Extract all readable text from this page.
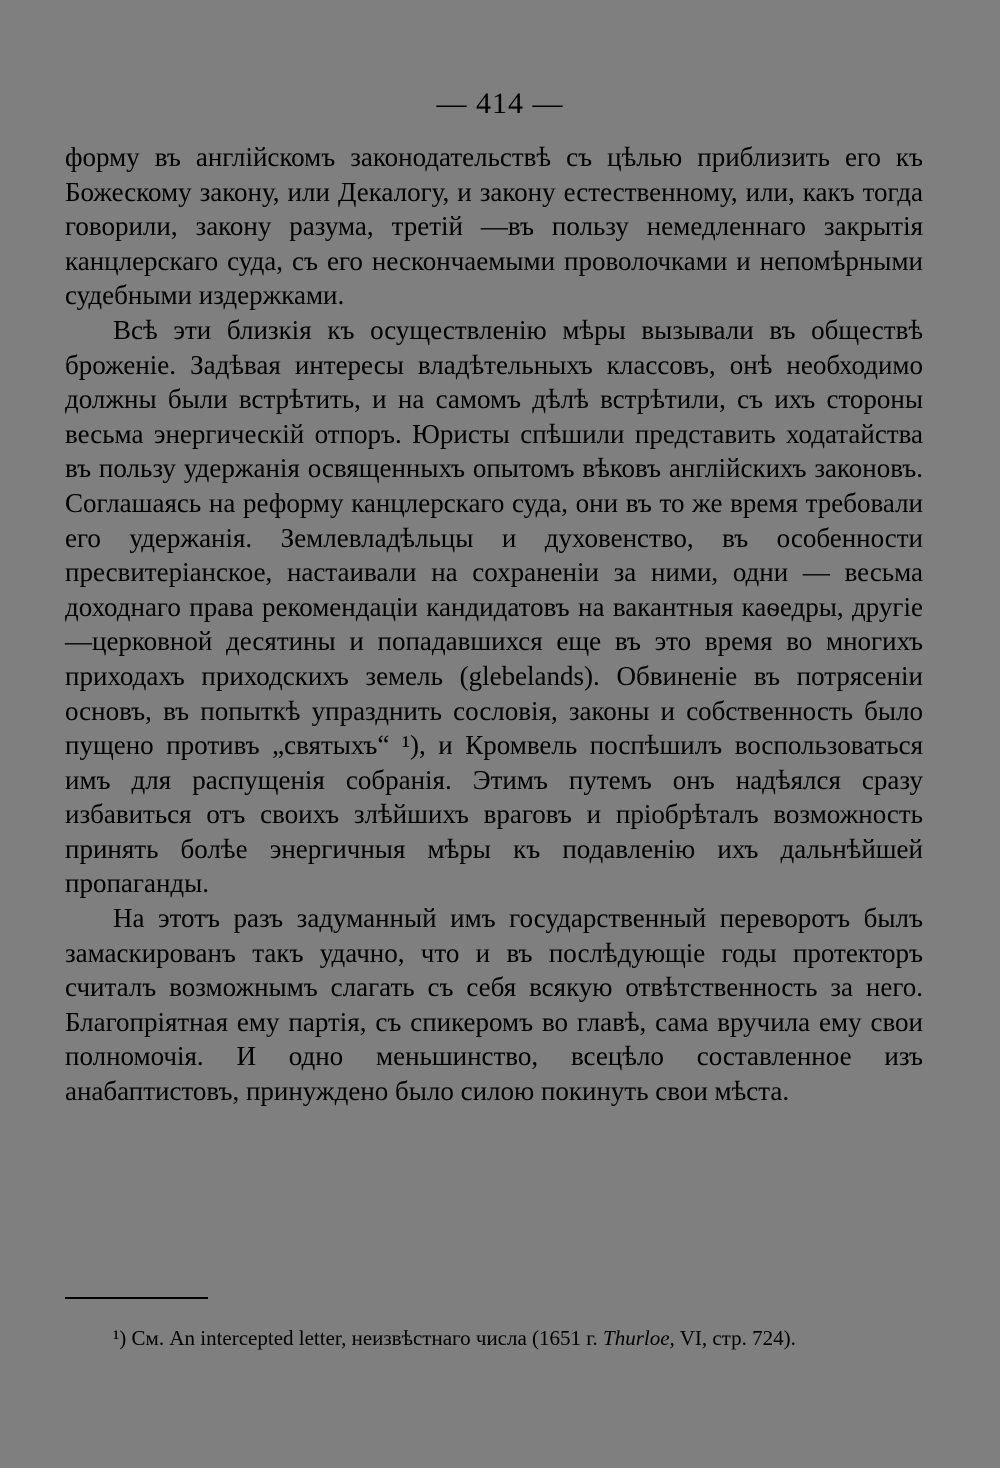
— 414 —

форму въ англійскомъ законодательствѣ съ цѣлью приблизить его къ Божескому закону, или Декалогу, и закону естественному, или, какъ тогда говорили, закону разума, третій —въ пользу немедленнаго закрытія канцлерскаго суда, съ его нескончаемыми проволочками и непомѣрными судебными издержками.

Всѣ эти близкія къ осуществленію мѣры вызывали въ обществѣ броженіе. Задѣвая интересы владѣтельныхъ классовъ, онѣ необходимо должны были встрѣтить, и на самомъ дѣлѣ встрѣтили, съ ихъ стороны весьма энергическій отпоръ. Юристы спѣшили представить ходатайства въ пользу удержанія освященныхъ опытомъ вѣковъ англійскихъ законовъ. Соглашаясь на реформу канцлерскаго суда, они въ то же время требовали его удержанія. Землевладѣльцы и духовенство, въ особенности пресвитеріанское, настаивали на сохраненіи за ними, одни — весьма доходнаго права рекомендаціи кандидатовъ на вакантныя каѳедры, другіе —церковной десятины и попадавшихся еще въ это время во многихъ приходахъ приходскихъ земель (glebelands). Обвиненіе въ потрясеніи основъ, въ попыткѣ упразднить сословія, законы и собственность было пущено противъ „святыхъ“ ¹), и Кромвель поспѣшилъ воспользоваться имъ для распущенія собранія. Этимъ путемъ онъ надѣялся сразу избавиться отъ своихъ злѣйшихъ враговъ и пріобрѣталъ возможность принять болѣе энергичныя мѣры къ подавленію ихъ дальнѣйшей пропаганды.

На этотъ разъ задуманный имъ государственный переворотъ былъ замаскированъ такъ удачно, что и въ послѣдующіе годы протекторъ считалъ возможнымъ слагать съ себя всякую отвѣтственность за него. Благопріятная ему партія, съ спикеромъ во главѣ, сама вручила ему свои полномочія. И одно меньшинство, всецѣло составленное изъ анабаптистовъ, принуждено было силою покинуть свои мѣста.

¹) См. An intercepted letter, неизвѣстнаго числа (1651 г. Thurloe, VI, стр. 724).
